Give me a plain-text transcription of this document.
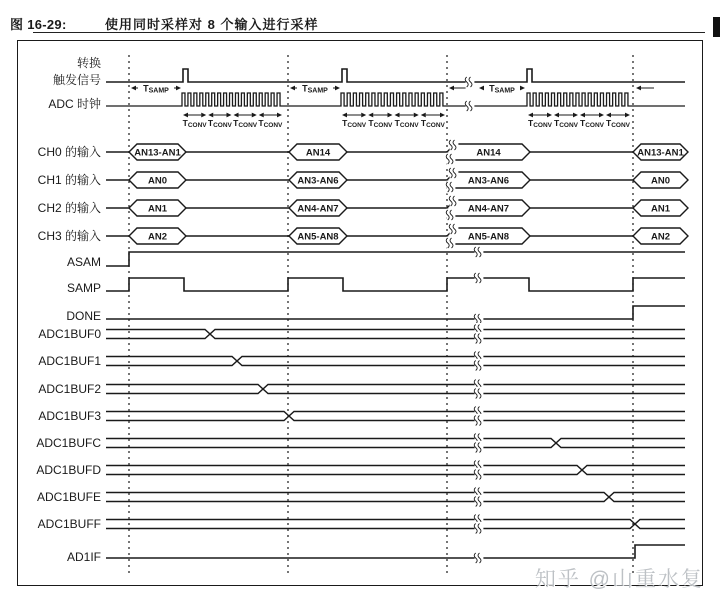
图 16-29:	使用同时采样对 8 个输入进行采样
TSAMP	TSAMP	TSAMP
TCONV TCONV TCONV TCONV	TCONV TCONV TCONV TCONV	TCONV TCONV TCONV TCONV
AN13-AN1	AN14	AN14	AN13-AN1
AN0	AN3-AN6	AN3-AN6	AN0
AN1	AN4-AN7	AN4-AN7	AN1
AN2	AN5-AN8	AN5-AN8	AN2
转换
触发信号
ADC 时钟
CH0 的输入
CH1 的输入
CH2 的输入
CH3 的输入
ASAM
SAMP
DONE
ADC1BUF0
ADC1BUF1
ADC1BUF2
ADC1BUF3
ADC1BUFC
ADC1BUFD
ADC1BUFE
ADC1BUFF
AD1IF
知乎 @山重水复
